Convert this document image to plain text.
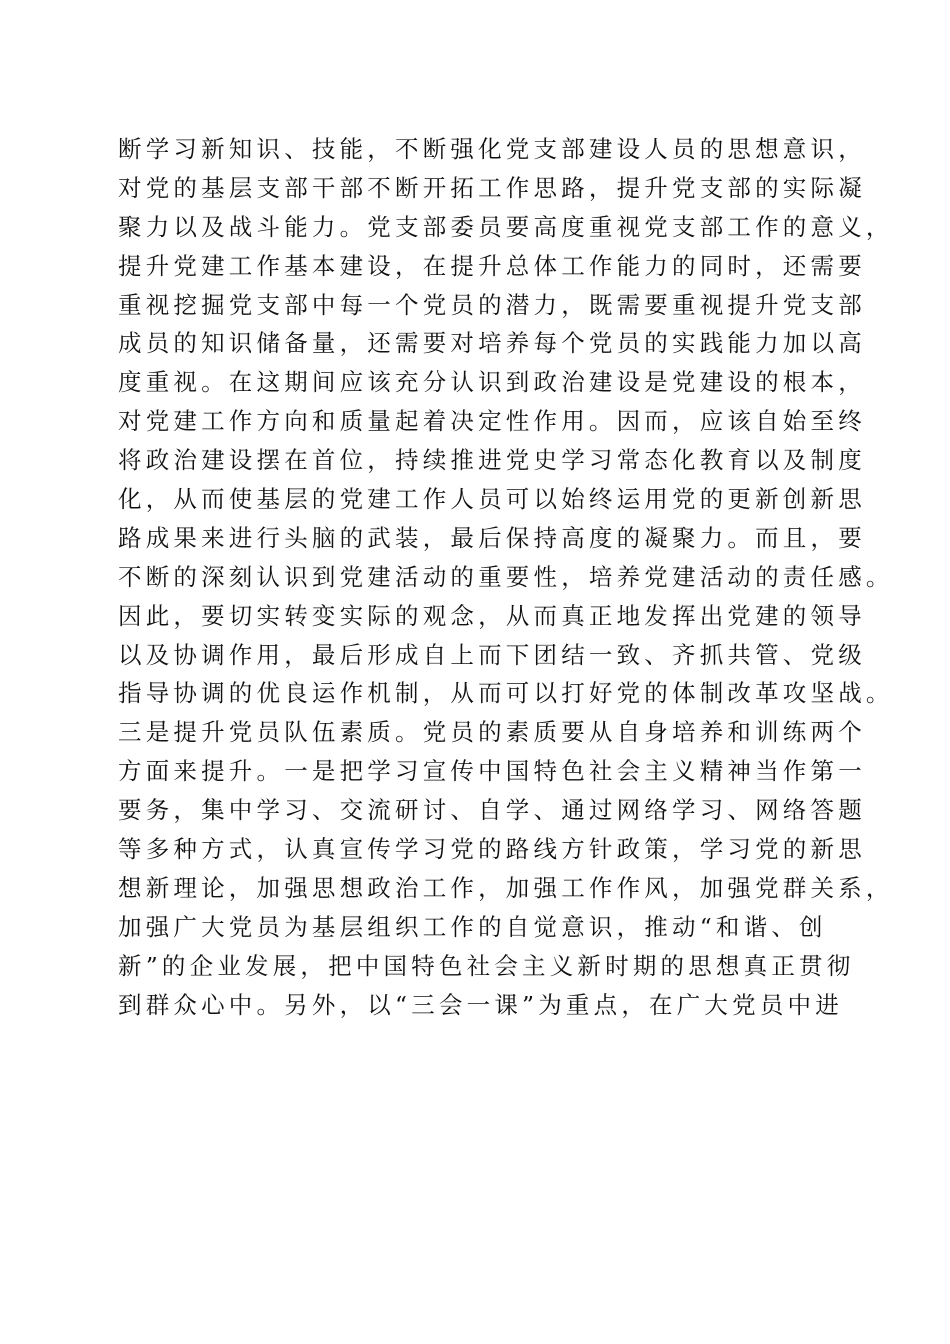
断学习新知识、技能，不断强化党支部建设人员的思想意识，
对党的基层支部干部不断开拓工作思路，提升党支部的实际凝
聚力以及战斗能力。党支部委员要高度重视党支部工作的意义，
提升党建工作基本建设，在提升总体工作能力的同时，还需要
重视挖掘党支部中每一个党员的潜力，既需要重视提升党支部
成员的知识储备量，还需要对培养每个党员的实践能力加以高
度重视。在这期间应该充分认识到政治建设是党建设的根本，
对党建工作方向和质量起着决定性作用。因而，应该自始至终
将政治建设摆在首位，持续推进党史学习常态化教育以及制度
化，从而使基层的党建工作人员可以始终运用党的更新创新思
路成果来进行头脑的武装，最后保持高度的凝聚力。而且，要
不断的深刻认识到党建活动的重要性，培养党建活动的责任感。
因此，要切实转变实际的观念，从而真正地发挥出党建的领导
以及协调作用，最后形成自上而下团结一致、齐抓共管、党级
指导协调的优良运作机制，从而可以打好党的体制改革攻坚战。
三是提升党员队伍素质。党员的素质要从自身培养和训练两个
方面来提升。一是把学习宣传中国特色社会主义精神当作第一
要务，集中学习、交流研讨、自学、通过网络学习、网络答题
等多种方式，认真宣传学习党的路线方针政策，学习党的新思
想新理论，加强思想政治工作，加强工作作风，加强党群关系，
加强广大党员为基层组织工作的自觉意识，推动“和谐、创
新”的企业发展，把中国特色社会主义新时期的思想真正贯彻
到群众心中。另外，以“三会一课”为重点，在广大党员中进
